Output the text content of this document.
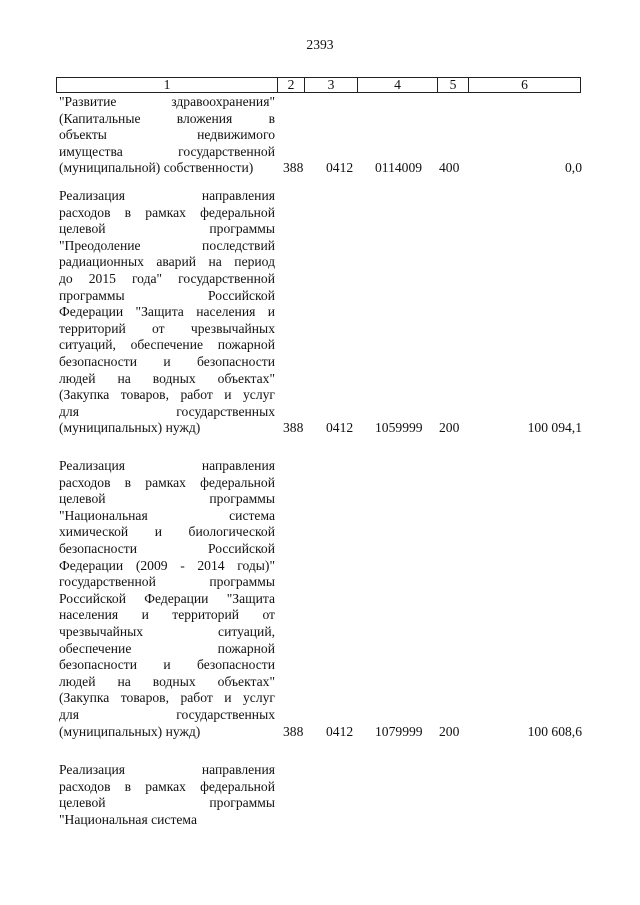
2393
1	2	3	4	5	6
"Развитие здравоохранения"
(Капитальные вложения в
объекты недвижимого
имущества государственной
(муниципальной) собственности)	388 0412 0114009 400	0,0
Реализация направления
расходов в рамках федеральной
целевой программы
"Преодоление последствий
радиационных аварий на период
до 2015 года" государственной
программы Российской
Федерации "Защита населения и
территорий от чрезвычайных
ситуаций, обеспечение пожарной
безопасности и безопасности
людей на водных объектах"
(Закупка товаров, работ и услуг
для государственных
(муниципальных) нужд)	388 0412 1059999 200	100 094,1
Реализация направления
расходов в рамках федеральной
целевой программы
"Национальная система
химической и биологической
безопасности Российской
Федерации (2009 - 2014 годы)"
государственной программы
Российской Федерации "Защита
населения и территорий от
чрезвычайных ситуаций,
обеспечение пожарной
безопасности и безопасности
людей на водных объектах"
(Закупка товаров, работ и услуг
для государственных
(муниципальных) нужд)	388 0412 1079999 200	100 608,6
Реализация направления
расходов в рамках федеральной
целевой программы
"Национальная система
